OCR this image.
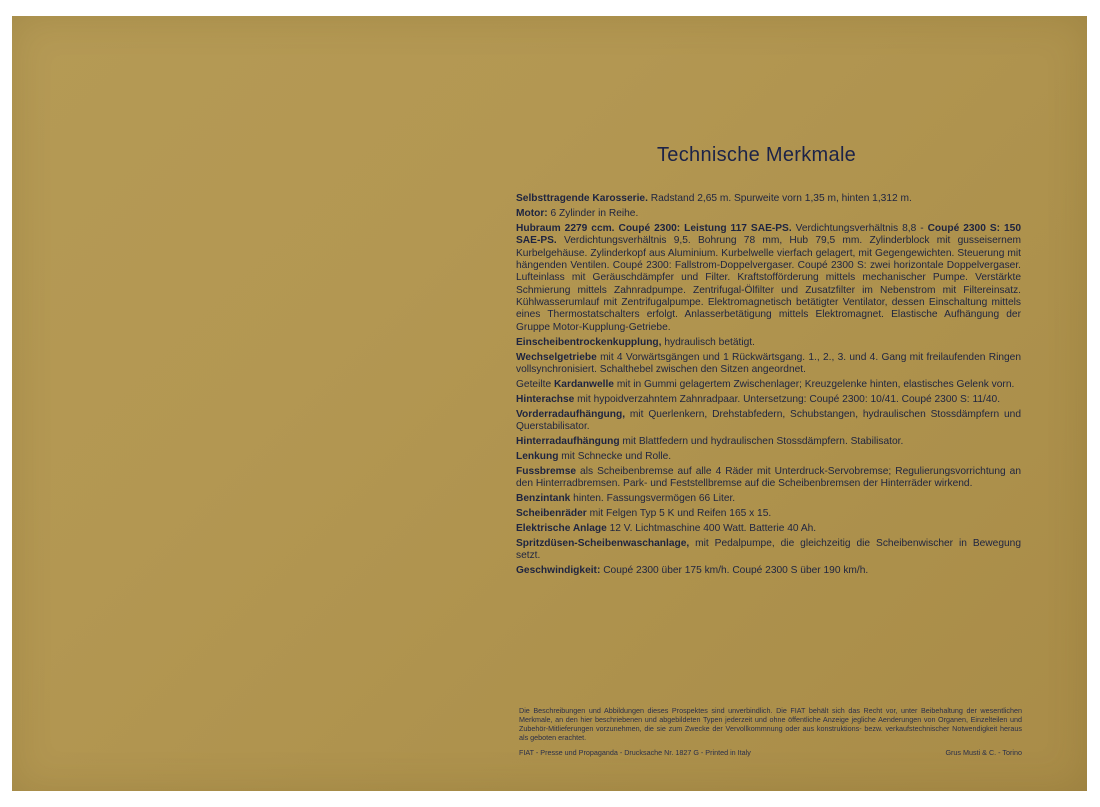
Technische Merkmale

Selbsttragende Karosserie. Radstand 2,65 m. Spurweite vorn 1,35 m, hinten 1,312 m.

Motor: 6 Zylinder in Reihe.

Hubraum 2279 ccm. Coupé 2300: Leistung 117 SAE-PS. Verdichtungsverhältnis 8,8 - Coupé 2300 S: 150 SAE-PS. Verdichtungsverhältnis 9,5. Bohrung 78 mm, Hub 79,5 mm. Zylinderblock mit gusseisernem Kurbelgehäuse. Zylinderkopf aus Aluminium. Kurbelwelle vierfach gelagert, mit Gegengewichten. Steuerung mit hängenden Ventilen. Coupé 2300: Fallstrom-Doppelvergaser. Coupé 2300 S: zwei horizontale Doppelvergaser. Lufteinlass mit Geräuschdämpfer und Filter. Kraftstofförderung mittels mechanischer Pumpe. Verstärkte Schmierung mittels Zahnradpumpe. Zentrifugal-Ölfilter und Zusatzfilter im Nebenstrom mit Filtereinsatz. Kühlwasserumlauf mit Zentrifugalpumpe. Elektromagnetisch betätigter Ventilator, dessen Einschaltung mittels eines Thermostatschalters erfolgt. Anlasserbetätigung mittels Elektromagnet. Elastische Aufhängung der Gruppe Motor-Kupplung-Getriebe.

Einscheibentrockenkupplung, hydraulisch betätigt.

Wechselgetriebe mit 4 Vorwärtsgängen und 1 Rückwärtsgang. 1., 2., 3. und 4. Gang mit freilaufenden Ringen vollsynchronisiert. Schalthebel zwischen den Sitzen angeordnet.

Geteilte Kardanwelle mit in Gummi gelagertem Zwischenlager; Kreuzgelenke hinten, elastisches Gelenk vorn.

Hinterachse mit hypoidverzahntem Zahnradpaar. Untersetzung: Coupé 2300: 10/41. Coupé 2300 S: 11/40.

Vorderradaufhängung, mit Querlenkern, Drehstabfedern, Schubstangen, hydraulischen Stossdämpfern und Querstabilisator.

Hinterradaufhängung mit Blattfedern und hydraulischen Stossdämpfern. Stabilisator.

Lenkung mit Schnecke und Rolle.

Fussbremse als Scheibenbremse auf alle 4 Räder mit Unterdruck-Servobremse; Regulierungsvorrichtung an den Hinterradbremsen. Park- und Feststellbremse auf die Scheibenbremsen der Hinterräder wirkend.

Benzintank hinten. Fassungsvermögen 66 Liter.

Scheibenräder mit Felgen Typ 5 K und Reifen 165 x 15.

Elektrische Anlage 12 V. Lichtmaschine 400 Watt. Batterie 40 Ah.

Spritzdüsen-Scheibenwaschanlage, mit Pedalpumpe, die gleichzeitig die Scheibenwischer in Bewegung setzt.

Geschwindigkeit: Coupé 2300 über 175 km/h. Coupé 2300 S über 190 km/h.

Die Beschreibungen und Abbildungen dieses Prospektes sind unverbindlich. Die FIAT behält sich das Recht vor, unter Beibehaltung der wesentlichen Merkmale, an den hier beschriebenen und abgebildeten Typen jederzeit und ohne öffentliche Anzeige jegliche Aenderungen von Organen, Einzelteilen und Zubehör-Mitlieferungen vorzunehmen, die sie zum Zwecke der Vervollkommnung oder aus konstruktions- bezw. verkaufstechnischer Notwendigkeit heraus als geboten erachtet.
FIAT - Presse und Propaganda - Drucksache Nr. 1827 G - Printed in Italy	Grus Musti & C. - Torino
